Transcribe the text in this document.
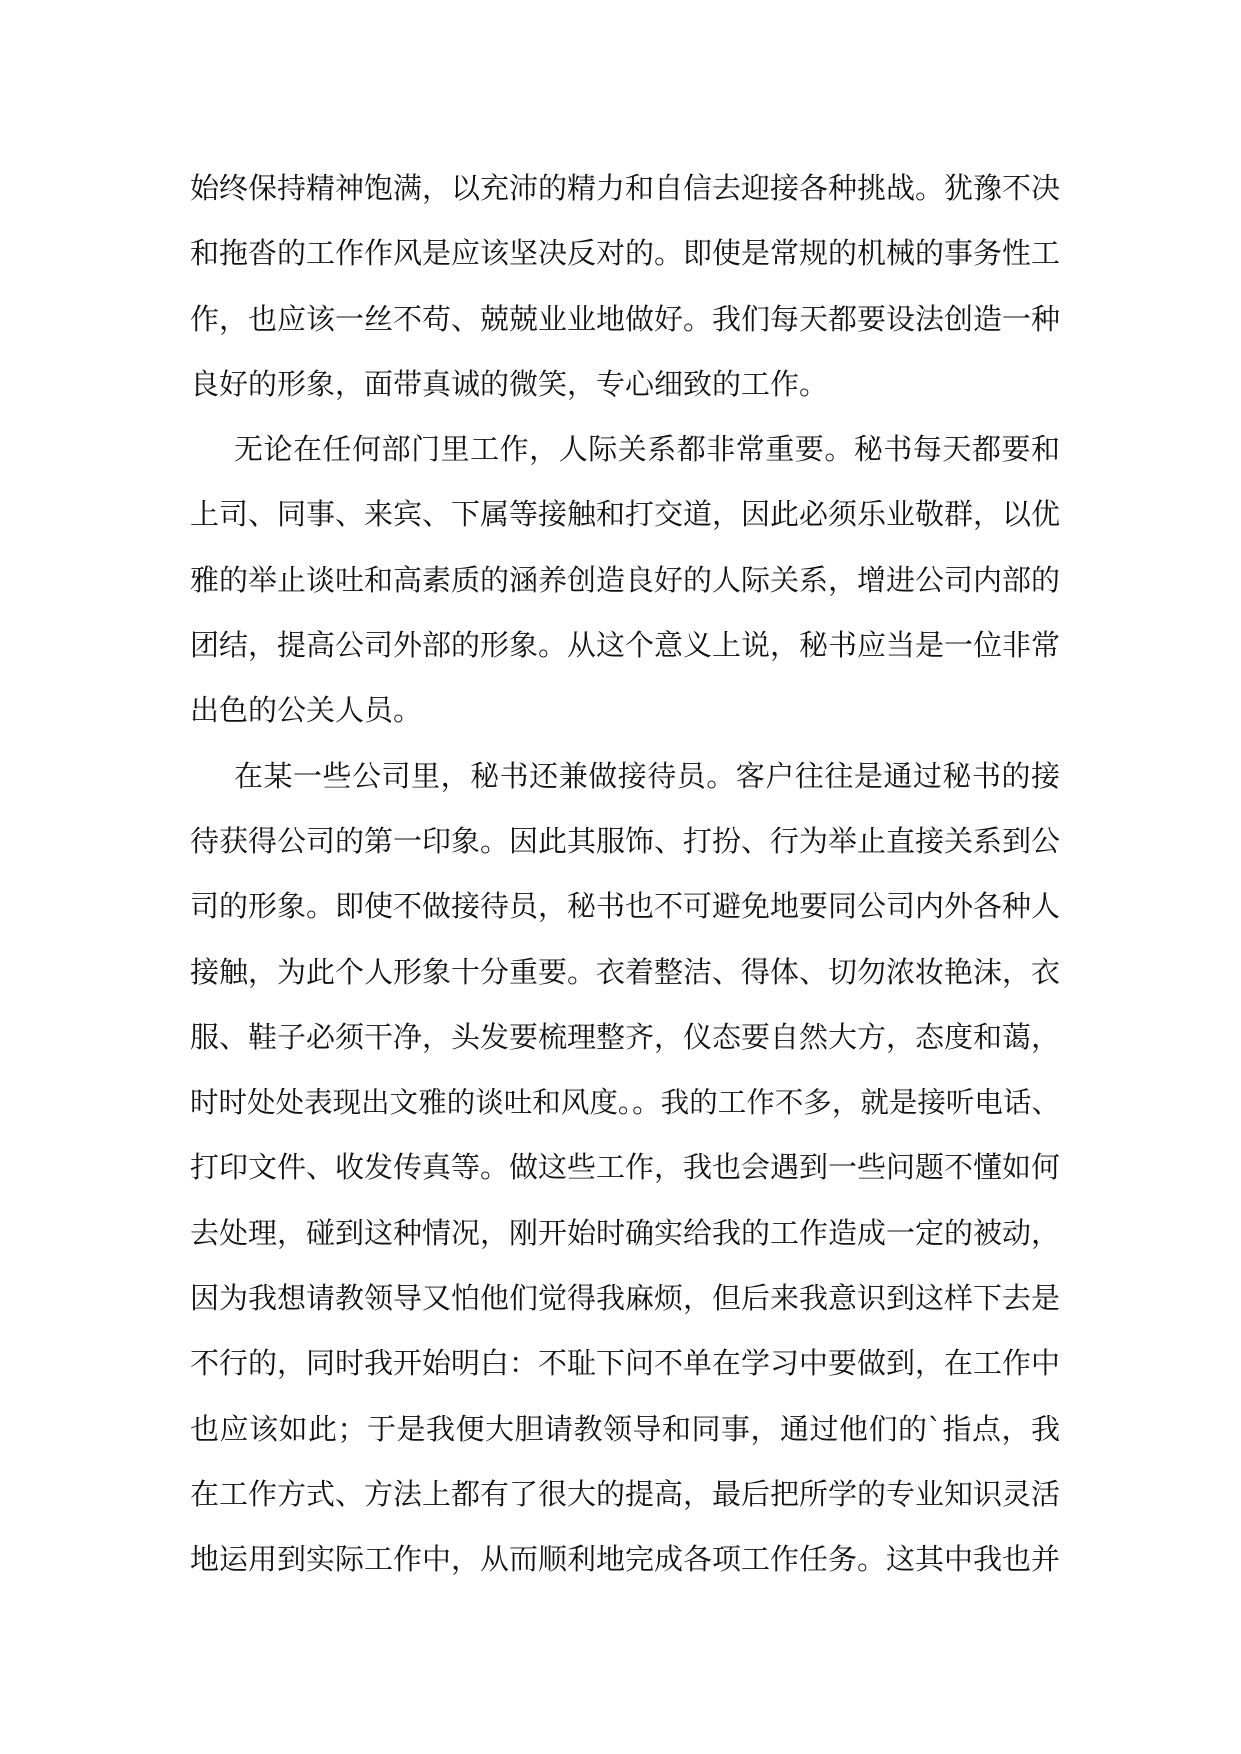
始终保持精神饱满，以充沛的精力和自信去迎接各种挑战。犹豫不决
和拖沓的工作作风是应该坚决反对的。即使是常规的机械的事务性工
作，也应该一丝不苟、兢兢业业地做好。我们每天都要设法创造一种
良好的形象，面带真诚的微笑，专心细致的工作。
无论在任何部门里工作，人际关系都非常重要。秘书每天都要和
上司、同事、来宾、下属等接触和打交道，因此必须乐业敬群，以优
雅的举止谈吐和高素质的涵养创造良好的人际关系，增进公司内部的
团结，提高公司外部的形象。从这个意义上说，秘书应当是一位非常
出色的公关人员。
在某一些公司里，秘书还兼做接待员。客户往往是通过秘书的接
待获得公司的第一印象。因此其服饰、打扮、行为举止直接关系到公
司的形象。即使不做接待员，秘书也不可避免地要同公司内外各种人
接触，为此个人形象十分重要。衣着整洁、得体、切勿浓妆艳沫，衣
服、鞋子必须干净，头发要梳理整齐，仪态要自然大方，态度和蔼，
时时处处表现出文雅的谈吐和风度。。我的工作不多，就是接听电话、
打印文件、收发传真等。做这些工作，我也会遇到一些问题不懂如何
去处理，碰到这种情况，刚开始时确实给我的工作造成一定的被动，
因为我想请教领导又怕他们觉得我麻烦，但后来我意识到这样下去是
不行的，同时我开始明白：不耻下问不单在学习中要做到，在工作中
也应该如此；于是我便大胆请教领导和同事，通过他们的`指点，我
在工作方式、方法上都有了很大的提高，最后把所学的专业知识灵活
地运用到实际工作中，从而顺利地完成各项工作任务。这其中我也并
